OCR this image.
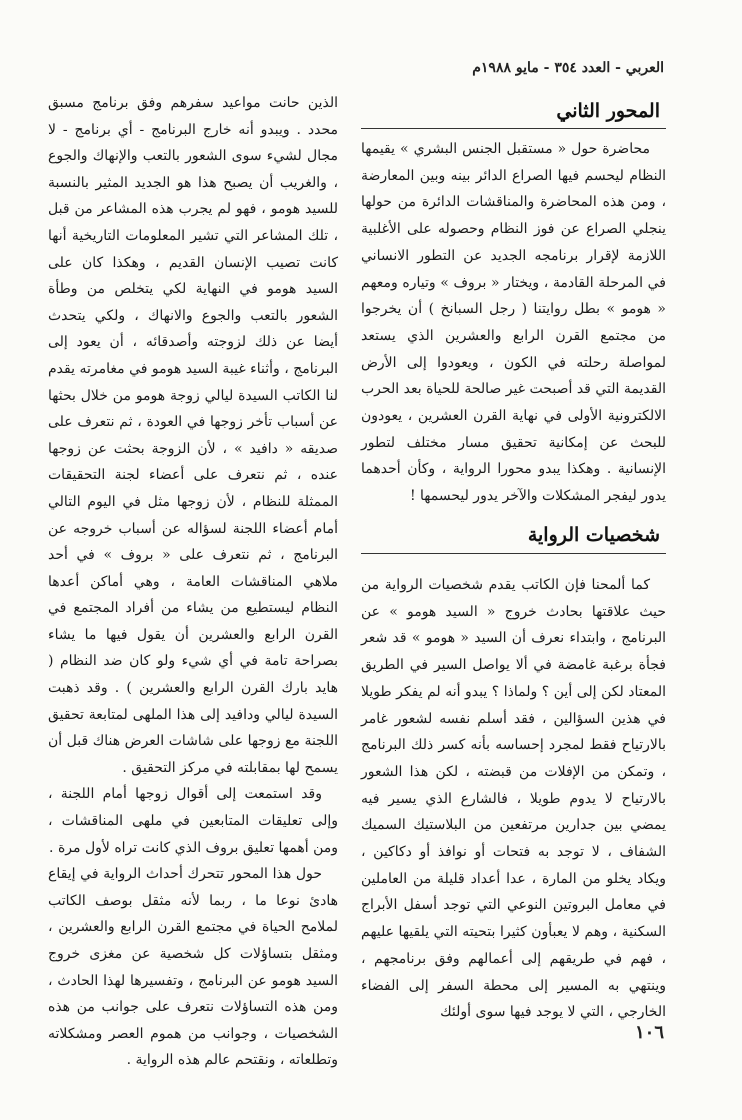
العربي - العدد ٣٥٤ - مايو ١٩٨٨م
المحور الثاني

محاضرة حول « مستقبل الجنس البشري » يقيمها النظام ليحسم فيها الصراع الدائر بينه وبين المعارضة ، ومن هذه المحاضرة والمناقشات الدائرة من حولها ينجلي الصراع عن فوز النظام وحصوله على الأغلبية اللازمة لإقرار برنامجه الجديد عن التطور الانساني في المرحلة القادمة ، ويختار « بروف » وتياره ومعهم « هومو » بطل روايتنا ( رجل السبانخ ) أن يخرجوا من مجتمع القرن الرابع والعشرين الذي يستعد لمواصلة رحلته في الكون ، ويعودوا إلى الأرض القديمة التي قد أصبحت غير صالحة للحياة بعد الحرب الالكترونية الأولى في نهاية القرن العشرين ، يعودون للبحث عن إمكانية تحقيق مسار مختلف لتطور الإنسانية . وهكذا يبدو محورا الرواية ، وكأن أحدهما يدور ليفجر المشكلات والآخر يدور ليحسمها !

شخصيات الرواية

كما ألمحنا فإن الكاتب يقدم شخصيات الرواية من حيث علاقتها بحادث خروج « السيد هومو » عن البرنامج ، وابتداء نعرف أن السيد « هومو » قد شعر فجأة برغبة غامضة في ألا يواصل السير في الطريق المعتاد لكن إلى أين ؟ ولماذا ؟ يبدو أنه لم يفكر طويلا في هذين السؤالين ، فقد أسلم نفسه لشعور غامر بالارتياح فقط لمجرد إحساسه بأنه كسر ذلك البرنامج ، وتمكن من الإفلات من قبضته ، لكن هذا الشعور بالارتياح لا يدوم طويلا ، فالشارع الذي يسير فيه يمضي بين جدارين مرتفعين من البلاستيك السميك الشفاف ، لا توجد به فتحات أو نوافذ أو دكاكين ، ويكاد يخلو من المارة ، عدا أعداد قليلة من العاملين في معامل البروتين النوعي التي توجد أسفل الأبراج السكنية ، وهم لا يعبأون كثيرا بتحيته التي يلقيها عليهم ، فهم في طريقهم إلى أعمالهم وفق برنامجهم ، وينتهي به المسير إلى محطة السفر إلى الفضاء الخارجي ، التي لا يوجد فيها سوى أولئك

الذين حانت مواعيد سفرهم وفق برنامج مسبق محدد . ويبدو أنه خارج البرنامج - أي برنامج - لا مجال لشيء سوى الشعور بالتعب والإنهاك والجوع ، والغريب أن يصبح هذا هو الجديد المثير بالنسبة للسيد هومو ، فهو لم يجرب هذه المشاعر من قبل ، تلك المشاعر التي تشير المعلومات التاريخية أنها كانت تصيب الإنسان القديم ، وهكذا كان على السيد هومو في النهاية لكي يتخلص من وطأة الشعور بالتعب والجوع والانهاك ، ولكي يتحدث أيضا عن ذلك لزوجته وأصدقائه ، أن يعود إلى البرنامج ، وأثناء غيبة السيد هومو في مغامرته يقدم لنا الكاتب السيدة ليالي زوجة هومو من خلال بحثها عن أسباب تأخر زوجها في العودة ، ثم نتعرف على صديقه « دافيد » ، لأن الزوجة بحثت عن زوجها عنده ، ثم نتعرف على أعضاء لجنة التحقيقات الممثلة للنظام ، لأن زوجها مثل في اليوم التالي أمام أعضاء اللجنة لسؤاله عن أسباب خروجه عن البرنامج ، ثم نتعرف على « بروف » في أحد ملاهي المناقشات العامة ، وهي أماكن أعدها النظام ليستطيع من يشاء من أفراد المجتمع في القرن الرابع والعشرين أن يقول فيها ما يشاء بصراحة تامة في أي شيء ولو كان ضد النظام ( هايد بارك القرن الرابع والعشرين ) . وقد ذهبت السيدة ليالي ودافيد إلى هذا الملهى لمتابعة تحقيق اللجنة مع زوجها على شاشات العرض هناك قبل أن يسمح لها بمقابلته في مركز التحقيق .

وقد استمعت إلى أقوال زوجها أمام اللجنة ، وإلى تعليقات المتابعين في ملهى المناقشات ، ومن أهمها تعليق بروف الذي كانت تراه لأول مرة .

حول هذا المحور تتحرك أحداث الرواية في إيقاع هادئ نوعا ما ، ربما لأنه مثقل بوصف الكاتب لملامح الحياة في مجتمع القرن الرابع والعشرين ، ومثقل بتساؤلات كل شخصية عن مغزى خروج السيد هومو عن البرنامج ، وتفسيرها لهذا الحادث ، ومن هذه التساؤلات نتعرف على جوانب من هذه الشخصيات ، وجوانب من هموم العصر ومشكلاته وتطلعاته ، ونقتحم عالم هذه الرواية .

١٠٦
